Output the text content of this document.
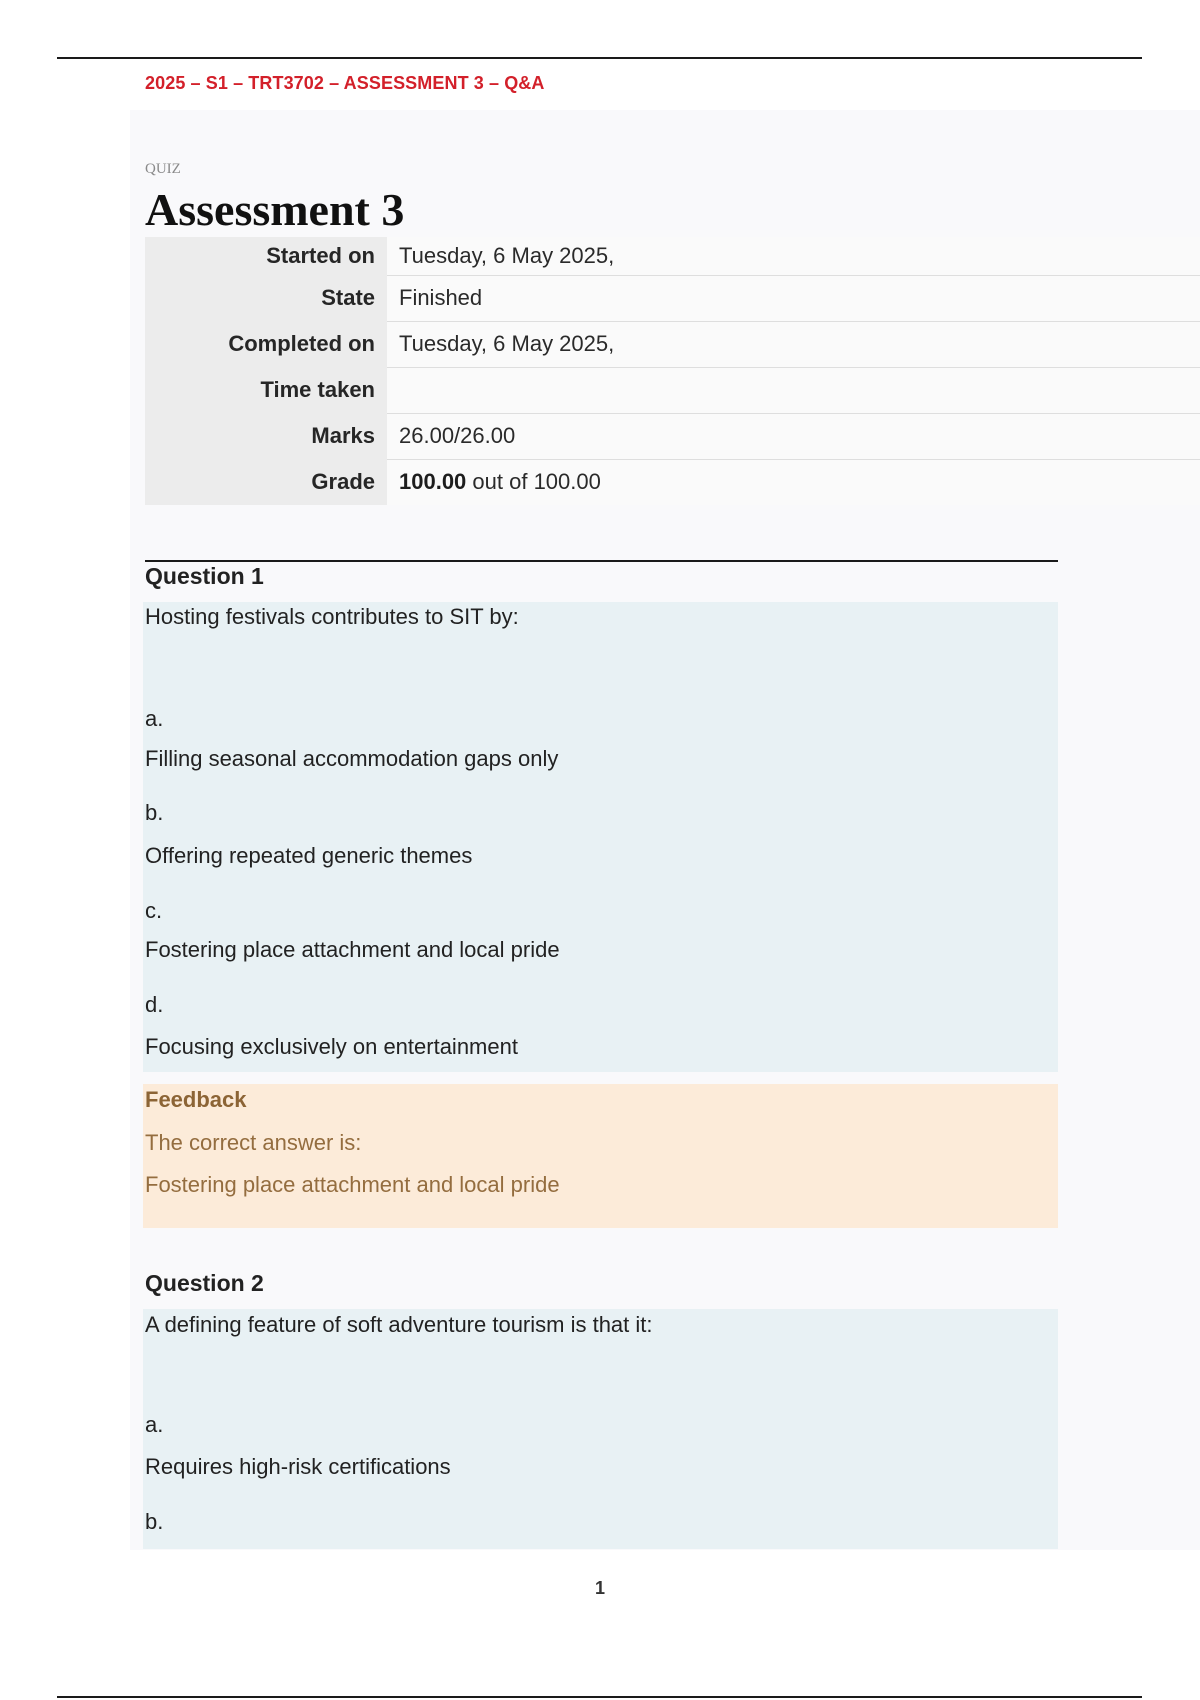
2025 – S1 – TRT3702 – ASSESSMENT 3 – Q&A
QUIZ
Assessment 3
Started on	Tuesday, 6 May 2025,
State	Finished
Completed on	Tuesday, 6 May 2025,
Time taken	
Marks	26.00/26.00
Grade	100.00 out of 100.00
Question 1
Hosting festivals contributes to SIT by:
a.
Filling seasonal accommodation gaps only
b.
Offering repeated generic themes
c.
Fostering place attachment and local pride
d.
Focusing exclusively on entertainment
Feedback
The correct answer is:
Fostering place attachment and local pride
Question 2
A defining feature of soft adventure tourism is that it:
a.
Requires high-risk certifications
b.
1
